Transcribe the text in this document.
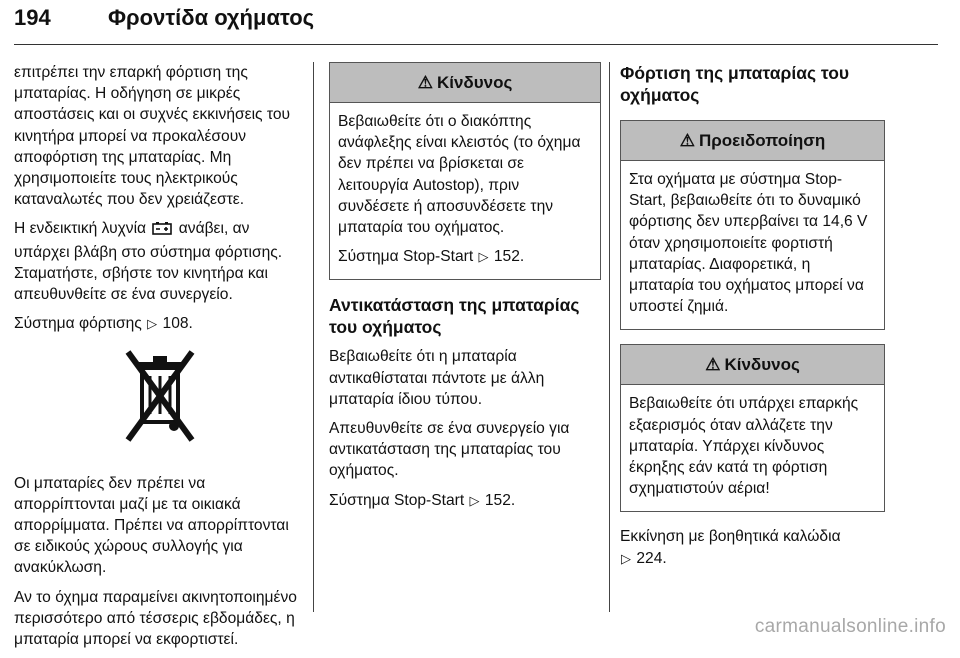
194	Φροντίδα οχήματος

επιτρέπει την επαρκή φόρτιση της μπαταρίας. Η οδήγηση σε μικρές αποστάσεις και οι συχνές εκκινήσεις του κινητήρα μπορεί να προκαλέσουν αποφόρτιση της μπαταρίας. Μη χρησιμοποιείτε τους ηλεκτρικούς καταναλωτές που δεν χρειάζεστε.

Η ενδεικτική λυχνία ανάβει, αν υπάρχει βλάβη στο σύστημα φόρτισης. Σταματήστε, σβήστε τον κινητήρα και απευθυνθείτε σε ένα συνεργείο.

Σύστημα φόρτισης ▷ 108.

Οι μπαταρίες δεν πρέπει να απορρίπτονται μαζί με τα οικιακά απορρίμματα. Πρέπει να απορρίπτονται σε ειδικούς χώρους συλλογής για ανακύκλωση.

Αν το όχημα παραμείνει ακινητοποιημένο περισσότερο από τέσσερις εβδομάδες, η μπαταρία μπορεί να εκφορτιστεί.

⚠ Κίνδυνος

Βεβαιωθείτε ότι ο διακόπτης ανάφλεξης είναι κλειστός (το όχημα δεν πρέπει να βρίσκεται σε λειτουργία Autostop), πριν συνδέσετε ή αποσυνδέσετε την μπαταρία του οχήματος.

Σύστημα Stop-Start ▷ 152.

Αντικατάσταση της μπαταρίας του οχήματος

Βεβαιωθείτε ότι η μπαταρία αντικαθίσταται πάντοτε με άλλη μπαταρία ίδιου τύπου.

Απευθυνθείτε σε ένα συνεργείο για αντικατάσταση της μπαταρίας του οχήματος.

Σύστημα Stop-Start ▷ 152.

Φόρτιση της μπαταρίας του οχήματος
⚠ Προειδοποίηση

Στα οχήματα με σύστημα Stop-Start, βεβαιωθείτε ότι το δυναμικό φόρτισης δεν υπερβαίνει τα 14,6 V όταν χρησιμοποιείτε φορτιστή μπαταρίας. Διαφορετικά, η μπαταρία του οχήματος μπορεί να υποστεί ζημιά.

⚠ Κίνδυνος

Βεβαιωθείτε ότι υπάρχει επαρκής εξαερισμός όταν αλλάζετε την μπαταρία. Υπάρχει κίνδυνος έκρηξης εάν κατά τη φόρτιση σχηματιστούν αέρια!

Εκκίνηση με βοηθητικά καλώδια
▷ 224.

carmanualsonline.info
